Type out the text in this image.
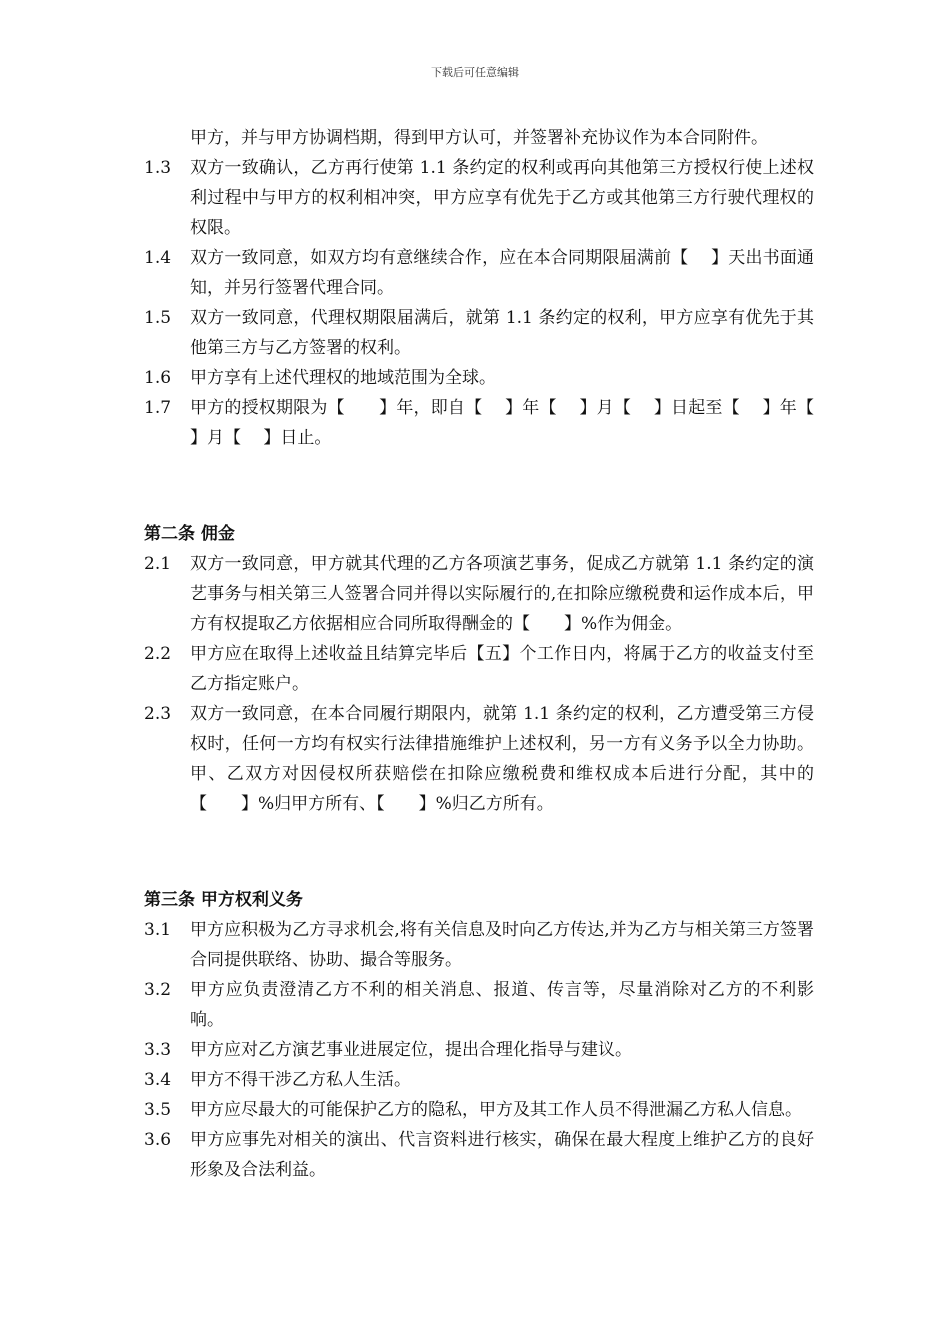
下载后可任意编辑
甲方，并与甲方协调档期，得到甲方认可，并签署补充协议作为本合同附件。
1.3	双方一致确认，乙方再行使第 1.1 条约定的权利或再向其他第三方授权行使上述权利过程中与甲方的权利相冲突，甲方应享有优先于乙方或其他第三方行驶代理权的权限。
1.4	双方一致同意，如双方均有意继续合作，应在本合同期限届满前【　 】天出书面通知，并另行签署代理合同。
1.5	双方一致同意，代理权期限届满后，就第 1.1 条约定的权利，甲方应享有优先于其他第三方与乙方签署的权利。
1.6	甲方享有上述代理权的地域范围为全球。
1.7	甲方的授权期限为【　　】年，即自【　 】年【　 】月【　 】日起至【　 】年【　 】月【　 】日止。
第二条 佣金
2.1	双方一致同意，甲方就其代理的乙方各项演艺事务，促成乙方就第 1.1 条约定的演艺事务与相关第三人签署合同并得以实际履行的,在扣除应缴税费和运作成本后，甲方有权提取乙方依据相应合同所取得酬金的【　　】%作为佣金。
2.2	甲方应在取得上述收益且结算完毕后【五】个工作日内，将属于乙方的收益支付至乙方指定账户。
2.3	双方一致同意，在本合同履行期限内，就第 1.1 条约定的权利，乙方遭受第三方侵权时，任何一方均有权实行法律措施维护上述权利，另一方有义务予以全力协助。甲、乙双方对因侵权所获赔偿在扣除应缴税费和维权成本后进行分配，其中的【　　】%归甲方所有、【　　】%归乙方所有。
第三条 甲方权利义务
3.1	甲方应积极为乙方寻求机会,将有关信息及时向乙方传达,并为乙方与相关第三方签署合同提供联络、协助、撮合等服务。
3.2	甲方应负责澄清乙方不利的相关消息、报道、传言等，尽量消除对乙方的不利影响。
3.3	甲方应对乙方演艺事业进展定位，提出合理化指导与建议。
3.4	甲方不得干涉乙方私人生活。
3.5	甲方应尽最大的可能保护乙方的隐私，甲方及其工作人员不得泄漏乙方私人信息。
3.6	甲方应事先对相关的演出、代言资料进行核实，确保在最大程度上维护乙方的良好形象及合法利益。
